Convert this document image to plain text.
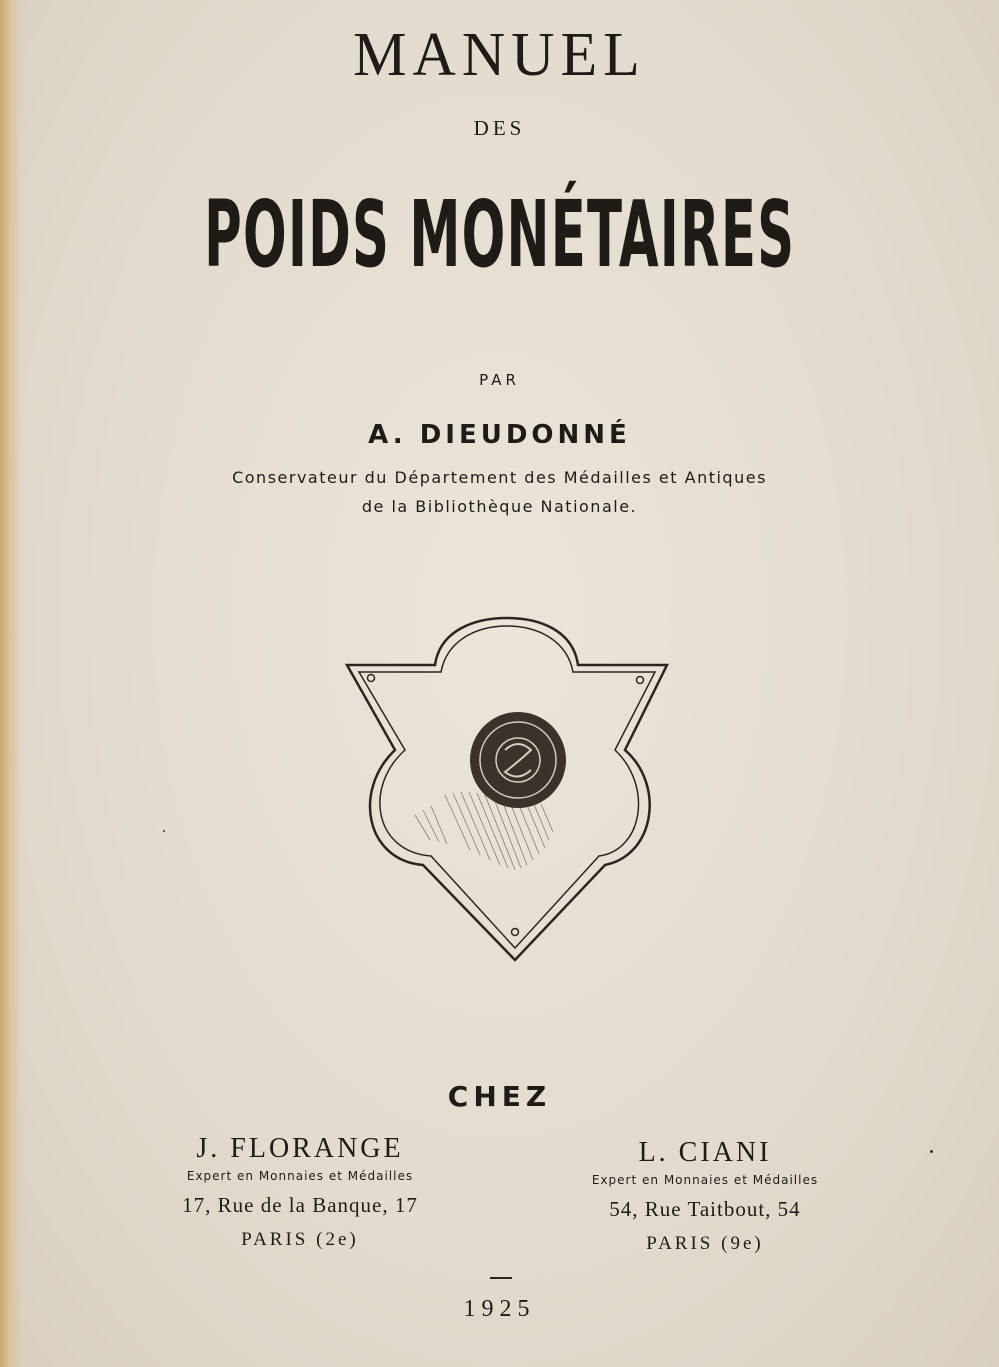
MANUEL
DES
POIDS MONÉTAIRES
PAR
A. DIEUDONNÉ
Conservateur du Département des Médailles et Antiques
de la Bibliothèque Nationale.
CHEZ
J. FLORANGE
Expert en Monnaies et Médailles
17, Rue de la Banque, 17
PARIS (2e)
L. CIANI
Expert en Monnaies et Médailles
54, Rue Taitbout, 54
PARIS (9e)
1925
